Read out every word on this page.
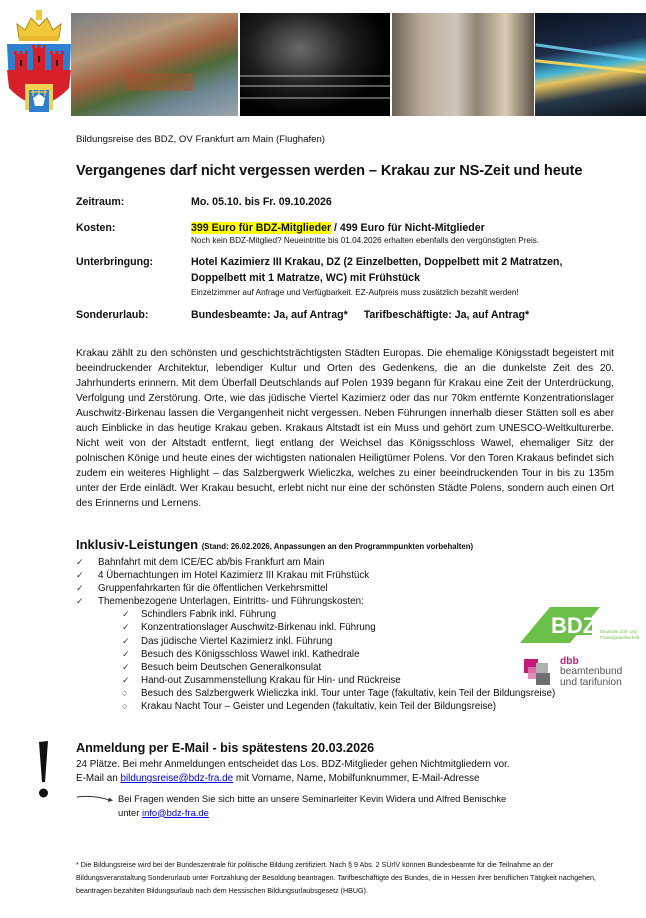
Bildungsreise des BDZ, OV Frankfurt am Main (Flughafen)
Vergangenes darf nicht vergessen werden – Krakau zur NS-Zeit und heute
Zeitraum:	Mo. 05.10. bis Fr. 09.10.2026
Kosten:	399 Euro für BDZ-Mitglieder / 499 Euro für Nicht-Mitglieder
Noch kein BDZ-Mitglied? Neueintritte bis 01.04.2026 erhalten ebenfalls den vergünstigten Preis.
Unterbringung:	Hotel Kazimierz III Krakau, DZ (2 Einzelbetten, Doppelbett mit 2 Matratzen,
Doppelbett mit 1 Matratze, WC) mit Frühstück
Einzelzimmer auf Anfrage und Verfügbarkeit. EZ-Aufpreis muss zusätzlich bezahlt werden!
Sonderurlaub:	Bundesbeamte: Ja, auf Antrag* Tarifbeschäftigte: Ja, auf Antrag*
Krakau zählt zu den schönsten und geschichtsträchtigsten Städten Europas. Die ehemalige Königsstadt begeistert mit beeindruckender Architektur, lebendiger Kultur und Orten des Gedenkens, die an die dunkelste Zeit des 20. Jahrhunderts erinnern. Mit dem Überfall Deutschlands auf Polen 1939 begann für Krakau eine Zeit der Unterdrückung, Verfolgung und Zerstörung. Orte, wie das jüdische Viertel Kazimierz oder das nur 70km entfernte Konzentrationslager Auschwitz-Birkenau lassen die Vergangenheit nicht vergessen. Neben Führungen innerhalb dieser Stätten soll es aber auch Einblicke in das heutige Krakau geben. Krakaus Altstadt ist ein Muss und gehört zum UNESCO-Weltkulturerbe. Nicht weit von der Altstadt entfernt, liegt entlang der Weichsel das Königsschloss Wawel, ehemaliger Sitz der polnischen Könige und heute eines der wichtigsten nationalen Heiligtümer Polens. Vor den Toren Krakaus befindet sich zudem ein weiteres Highlight – das Salzbergwerk Wieliczka, welches zu einer beeindruckenden Tour in bis zu 135m unter der Erde einlädt. Wer Krakau besucht, erlebt nicht nur eine der schönsten Städte Polens, sondern auch einen Ort des Erinnerns und Lernens.
Inklusiv-Leistungen (Stand: 26.02.2026, Anpassungen an den Programmpunkten vorbehalten)
✓	Bahnfahrt mit dem ICE/EC ab/bis Frankfurt am Main
✓	4 Übernachtungen im Hotel Kazimierz III Krakau mit Frühstück
✓	Gruppenfahrkarten für die öffentlichen Verkehrsmittel
✓	Themenbezogene Unterlagen, Eintritts- und Führungskosten:
✓ Schindlers Fabrik inkl. Führung
✓ Konzentrationslager Auschwitz-Birkenau inkl. Führung
✓ Das jüdische Viertel Kazimierz inkl. Führung
✓ Besuch des Königsschloss Wawel inkl. Kathedrale
✓ Besuch beim Deutschen Generalkonsulat
✓ Hand-out Zusammenstellung Krakau für Hin- und Rückreise
○ Besuch des Salzbergwerk Wieliczka inkl. Tour unter Tage (fakultativ, kein Teil der Bildungsreise)
○ Krakau Nacht Tour – Geister und Legenden (fakultativ, kein Teil der Bildungsreise)
BDZ Deutsche Zoll- und
Finanzgewerkschaft
dbb
beamtenbund
und tarifunion
Anmeldung per E-Mail - bis spätestens 20.03.2026
24 Plätze. Bei mehr Anmeldungen entscheidet das Los. BDZ-Mitglieder gehen Nichtmitgliedern vor.
E-Mail an bildungsreise@bdz-fra.de mit Vorname, Name, Mobilfunknummer, E-Mail-Adresse
Bei Fragen wenden Sie sich bitte an unsere Seminarleiter Kevin Widera und Alfred Benischke
unter info@bdz-fra.de
* Die Bildungsreise wird bei der Bundeszentrale für politische Bildung zertifiziert. Nach § 9 Abs. 2 SUrlV können Bundesbeamte für die Teilnahme an der Bildungsveranstaltung Sonderurlaub unter Fortzahlung der Besoldung beantragen. Tarifbeschäftigte des Bundes, die in Hessen ihrer beruflichen Tätigkeit nachgehen, beantragen bezahlten Bildungsurlaub nach dem Hessischen Bildungsurlaubsgesetz (HBUG).
